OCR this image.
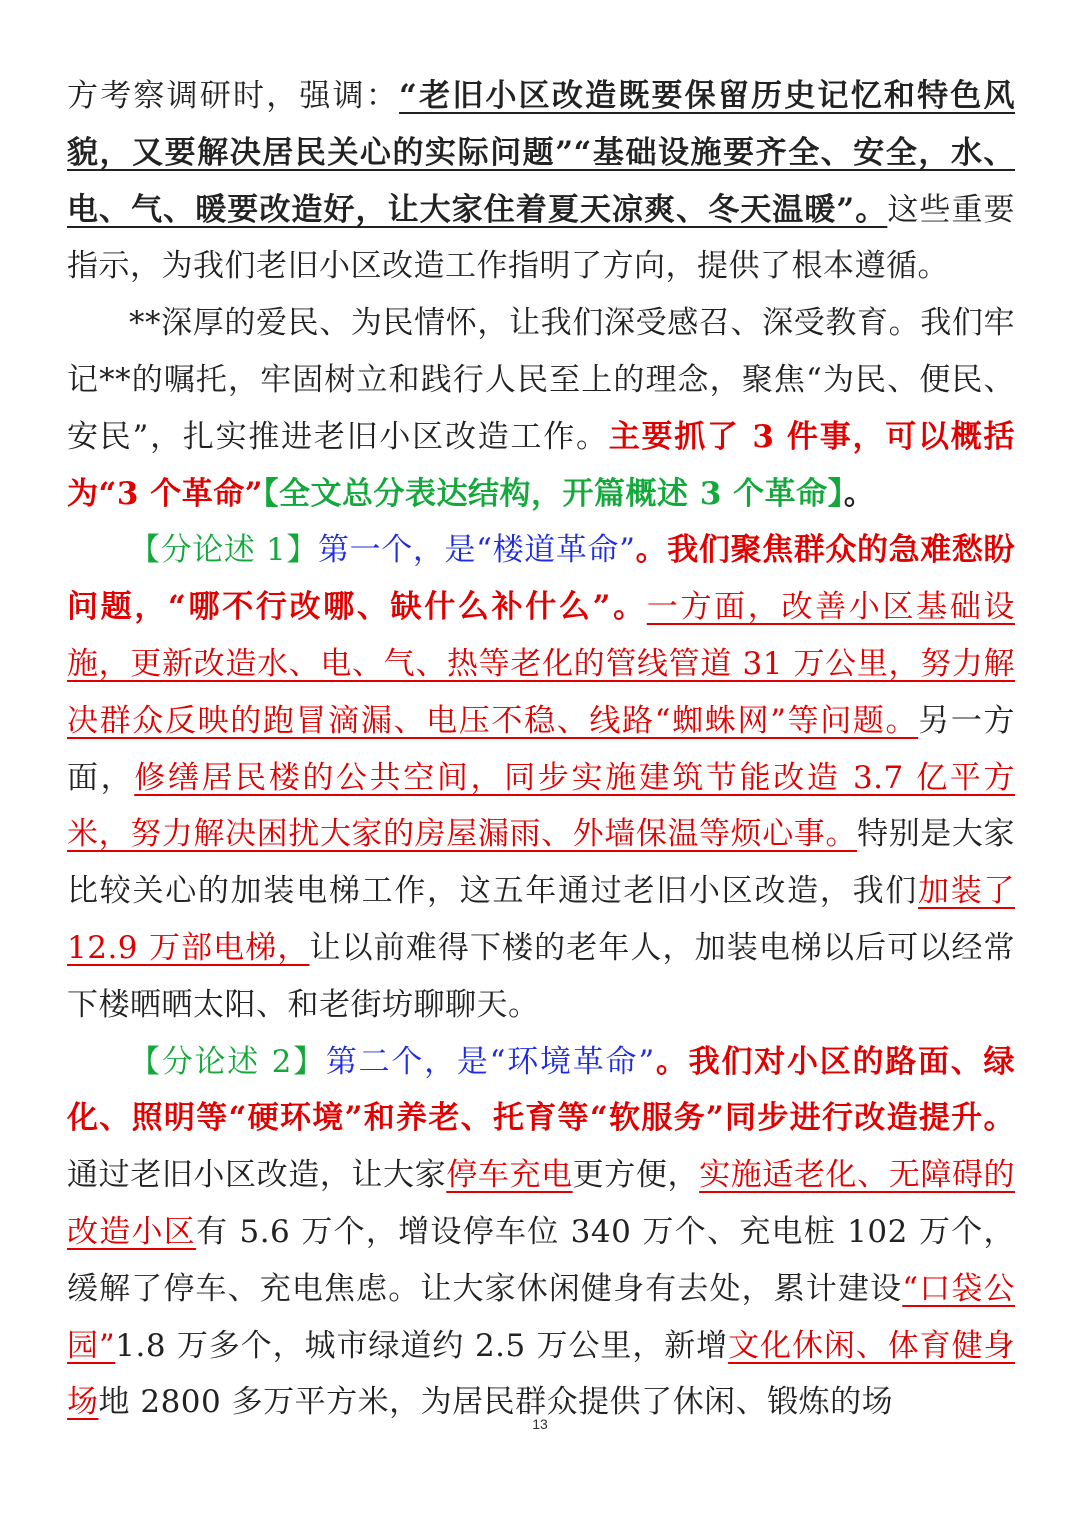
方考察调研时，强调：“老旧小区改造既要保留历史记忆和特色风貌，又要解决居民关心的实际问题”“基础设施要齐全、安全，水、电、气、暖要改造好，让大家住着夏天凉爽、冬天温暖”。这些重要指示，为我们老旧小区改造工作指明了方向，提供了根本遵循。

**深厚的爱民、为民情怀，让我们深受感召、深受教育。我们牢记**的嘱托，牢固树立和践行人民至上的理念，聚焦“为民、便民、安民”，扎实推进老旧小区改造工作。主要抓了 3 件事，可以概括为“3 个革命”【全文总分表达结构，开篇概述 3 个革命】。

【分论述 1】第一个，是“楼道革命”。我们聚焦群众的急难愁盼问题，“哪不行改哪、缺什么补什么”。一方面，改善小区基础设施，更新改造水、电、气、热等老化的管线管道 31 万公里，努力解决群众反映的跑冒滴漏、电压不稳、线路“蜘蛛网”等问题。另一方面，修缮居民楼的公共空间，同步实施建筑节能改造 3.7 亿平方米，努力解决困扰大家的房屋漏雨、外墙保温等烦心事。特别是大家比较关心的加装电梯工作，这五年通过老旧小区改造，我们加装了 12.9 万部电梯，让以前难得下楼的老年人，加装电梯以后可以经常下楼晒晒太阳、和老街坊聊聊天。

【分论述 2】第二个，是“环境革命”。我们对小区的路面、绿化、照明等“硬环境”和养老、托育等“软服务”同步进行改造提升。通过老旧小区改造，让大家停车充电更方便，实施适老化、无障碍的改造小区有 5.6 万个，增设停车位 340 万个、充电桩 102 万个，缓解了停车、充电焦虑。让大家休闲健身有去处，累计建设“口袋公园”1.8 万多个，城市绿道约 2.5 万公里，新增文化休闲、体育健身场地 2800 多万平方米，为居民群众提供了休闲、锻炼的场

13
